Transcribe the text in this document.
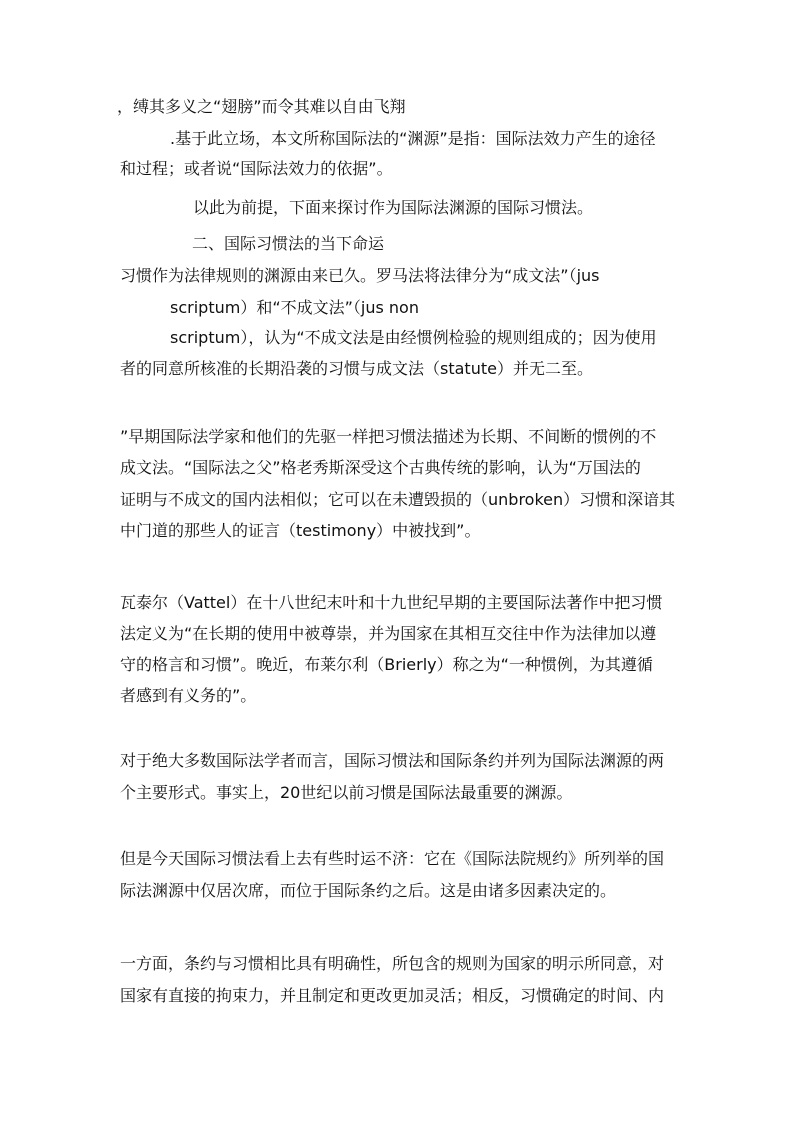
，缚其多义之“翅膀”而令其难以自由飞翔
.基于此立场，本文所称国际法的“渊源”是指：国际法效力产生的途径
和过程；或者说“国际法效力的依据”。
以此为前提，下面来探讨作为国际法渊源的国际习惯法。
二、国际习惯法的当下命运
习惯作为法律规则的渊源由来已久。罗马法将法律分为“成文法”（jus
scriptum）和“不成文法”（jus non
scriptum），认为“不成文法是由经惯例检验的规则组成的；因为使用
者的同意所核准的长期沿袭的习惯与成文法（statute）并无二至。
”早期国际法学家和他们的先驱一样把习惯法描述为长期、不间断的惯例的不
成文法。“国际法之父”格老秀斯深受这个古典传统的影响，认为“万国法的
证明与不成文的国内法相似；它可以在未遭毁损的（unbroken）习惯和深谙其
中门道的那些人的证言（testimony）中被找到”。
瓦泰尔（Vattel）在十八世纪末叶和十九世纪早期的主要国际法著作中把习惯
法定义为“在长期的使用中被尊崇，并为国家在其相互交往中作为法律加以遵
守的格言和习惯”。晚近，布莱尔利（Brierly）称之为“一种惯例，为其遵循
者感到有义务的”。
对于绝大多数国际法学者而言，国际习惯法和国际条约并列为国际法渊源的两
个主要形式。事实上，20世纪以前习惯是国际法最重要的渊源。
但是今天国际习惯法看上去有些时运不济：它在《国际法院规约》所列举的国
际法渊源中仅居次席，而位于国际条约之后。这是由诸多因素决定的。
一方面，条约与习惯相比具有明确性，所包含的规则为国家的明示所同意，对
国家有直接的拘束力，并且制定和更改更加灵活；相反，习惯确定的时间、内
